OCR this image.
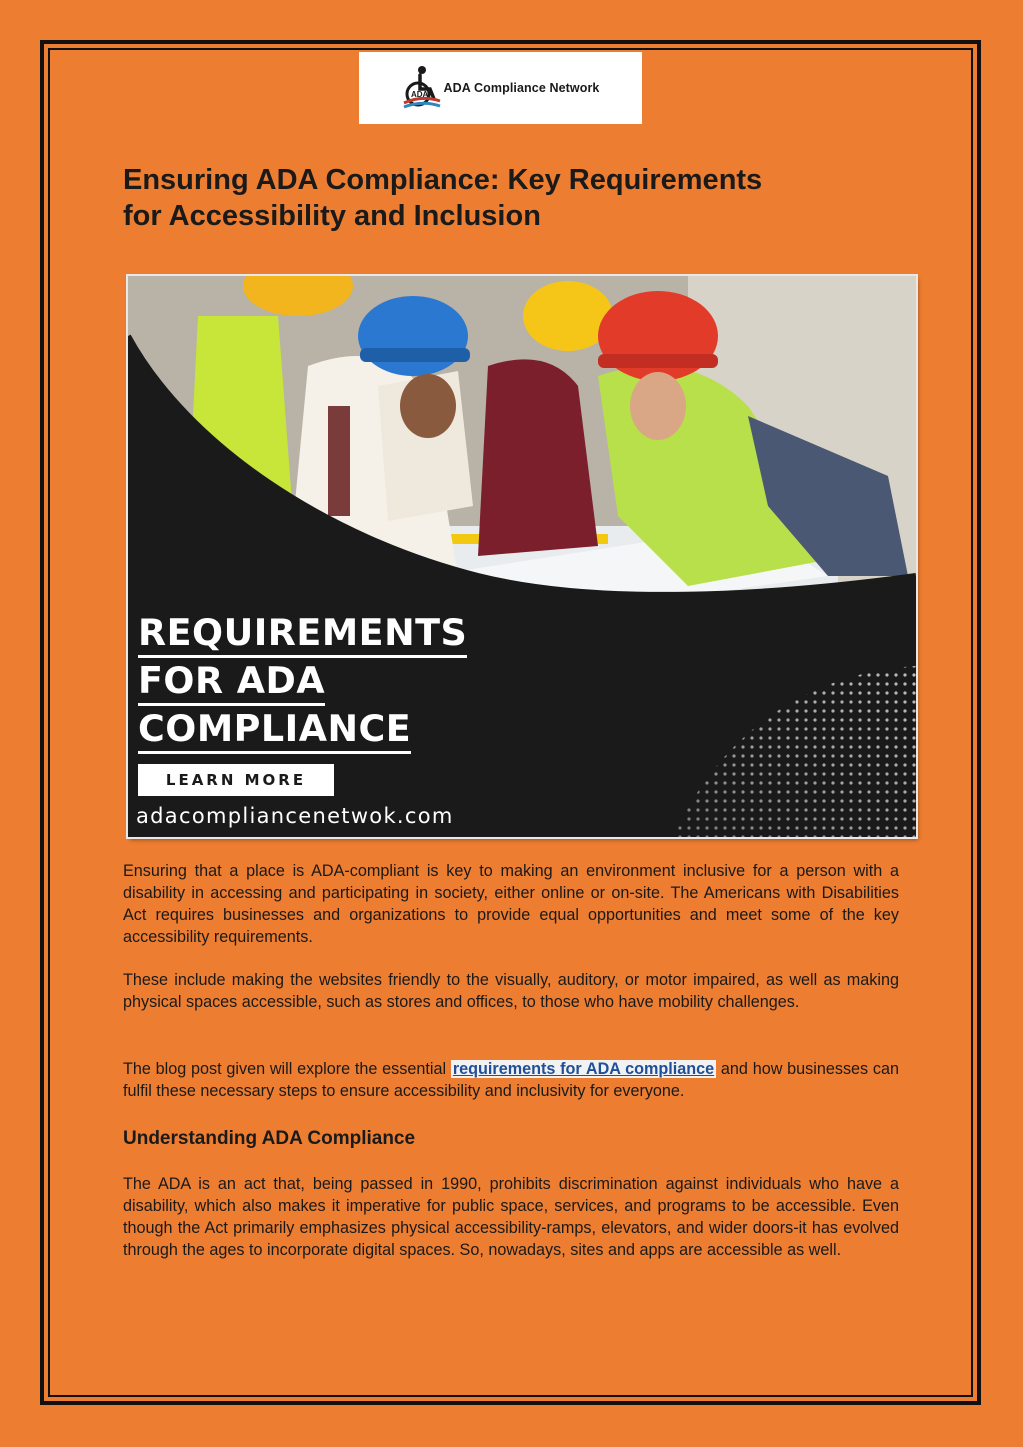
ADA ADA Compliance Network
Ensuring ADA Compliance: Key Requirements
for Accessibility and Inclusion
REQUIREMENTS
FOR ADA
COMPLIANCE
LEARN MORE
adacompliancenetwok.com

Ensuring that a place is ADA-compliant is key to making an environment inclusive for a person with a disability in accessing and participating in society, either online or on-site. The Americans with Disabilities Act requires businesses and organizations to provide equal opportunities and meet some of the key accessibility requirements.

These include making the websites friendly to the visually, auditory, or motor impaired, as well as making physical spaces accessible, such as stores and offices, to those who have mobility challenges.

The blog post given will explore the essential requirements for ADA compliance and how businesses can fulfil these necessary steps to ensure accessibility and inclusivity for everyone.

Understanding ADA Compliance

The ADA is an act that, being passed in 1990, prohibits discrimination against individuals who have a disability, which also makes it imperative for public space, services, and programs to be accessible. Even though the Act primarily emphasizes physical accessibility-ramps, elevators, and wider doors-it has evolved through the ages to incorporate digital spaces. So, nowadays, sites and apps are accessible as well.
